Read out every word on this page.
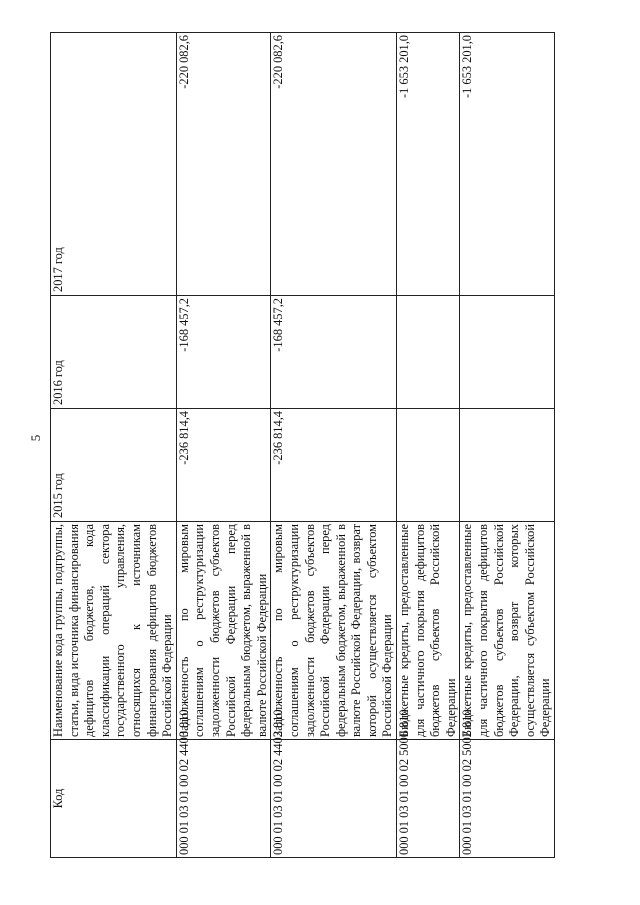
5
Код	Наименование кода группы, подгруппы, статьи, вида источника финансирования дефицитов бюджетов, кода классификации операций сектора государственного управления, относящихся к источникам финансирования дефицитов бюджетов Российской Федерации	2015 год	2016 год	2017 год
000 01 03 01 00 02 4400 810	Задолженность по мировым соглашениям о реструктуризации задолженности бюджетов субъектов Российской Федерации перед федеральным бюджетом, выраженной в валюте Российской Федерации	-236 814,4	-168 457,2	-220 082,6
000 01 03 01 00 02 4402 810	Задолженность по мировым соглашениям о реструктуризации задолженности бюджетов субъектов Российской Федерации перед федеральным бюджетом, выраженной в валюте Российской Федерации, возврат которой осуществляется субъектом Российской Федерации	-236 814,4	-168 457,2	-220 082,6
000 01 03 01 00 02 5000 810	Бюджетные кредиты, предоставленные для частичного покрытия дефицитов бюджетов субъектов Российской Федерации			-1 653 201,0
000 01 03 01 00 02 5002 810	Бюджетные кредиты, предоставленные для частичного покрытия дефицитов бюджетов субъектов Российской Федерации, возврат которых осуществляется субъектом Российской Федерации			-1 653 201,0
